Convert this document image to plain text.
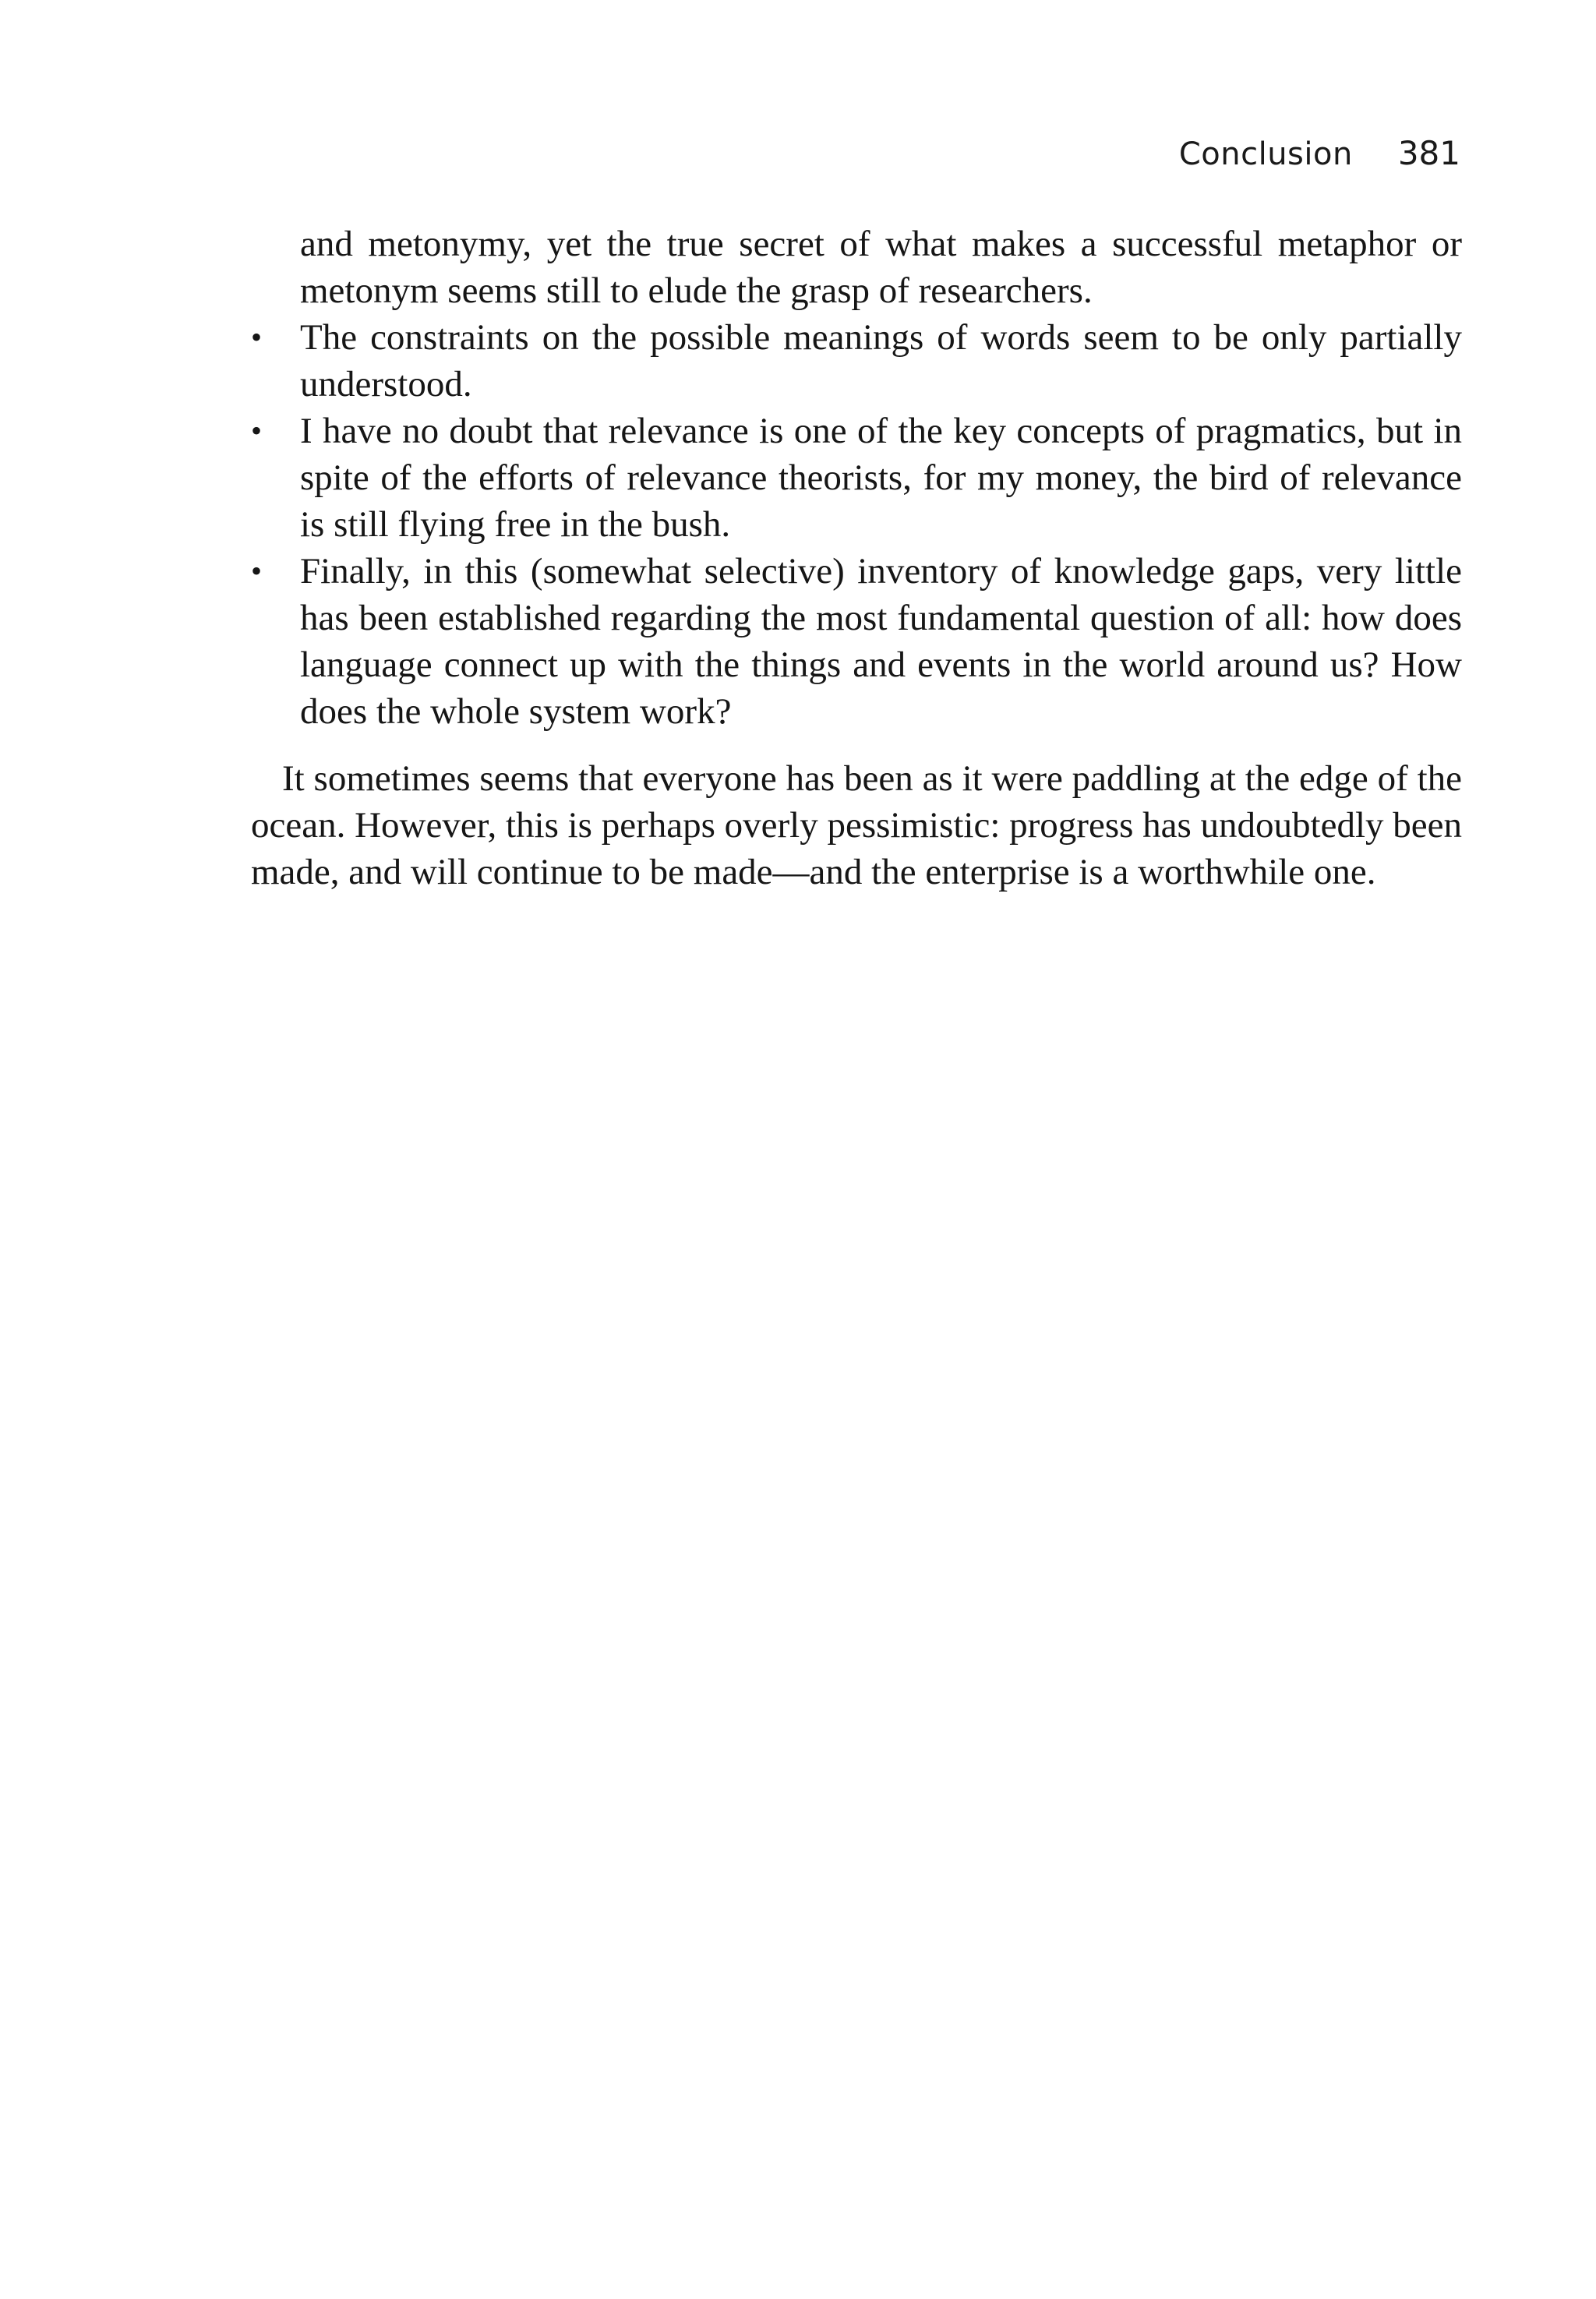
Conclusion 381

and metonymy, yet the true secret of what makes a successful metaphor or metonym seems still to elude the grasp of researchers.

•	The constraints on the possible meanings of words seem to be only partially understood.
•	I have no doubt that relevance is one of the key concepts of pragmatics, but in spite of the efforts of relevance theorists, for my money, the bird of relevance is still flying free in the bush.
•	Finally, in this (somewhat selective) inventory of knowledge gaps, very little has been established regarding the most fundamental question of all: how does language connect up with the things and events in the world around us? How does the whole system work?

It sometimes seems that everyone has been as it were paddling at the edge of the ocean. However, this is perhaps overly pessimistic: progress has undoubtedly been made, and will continue to be made—and the enterprise is a worthwhile one.
